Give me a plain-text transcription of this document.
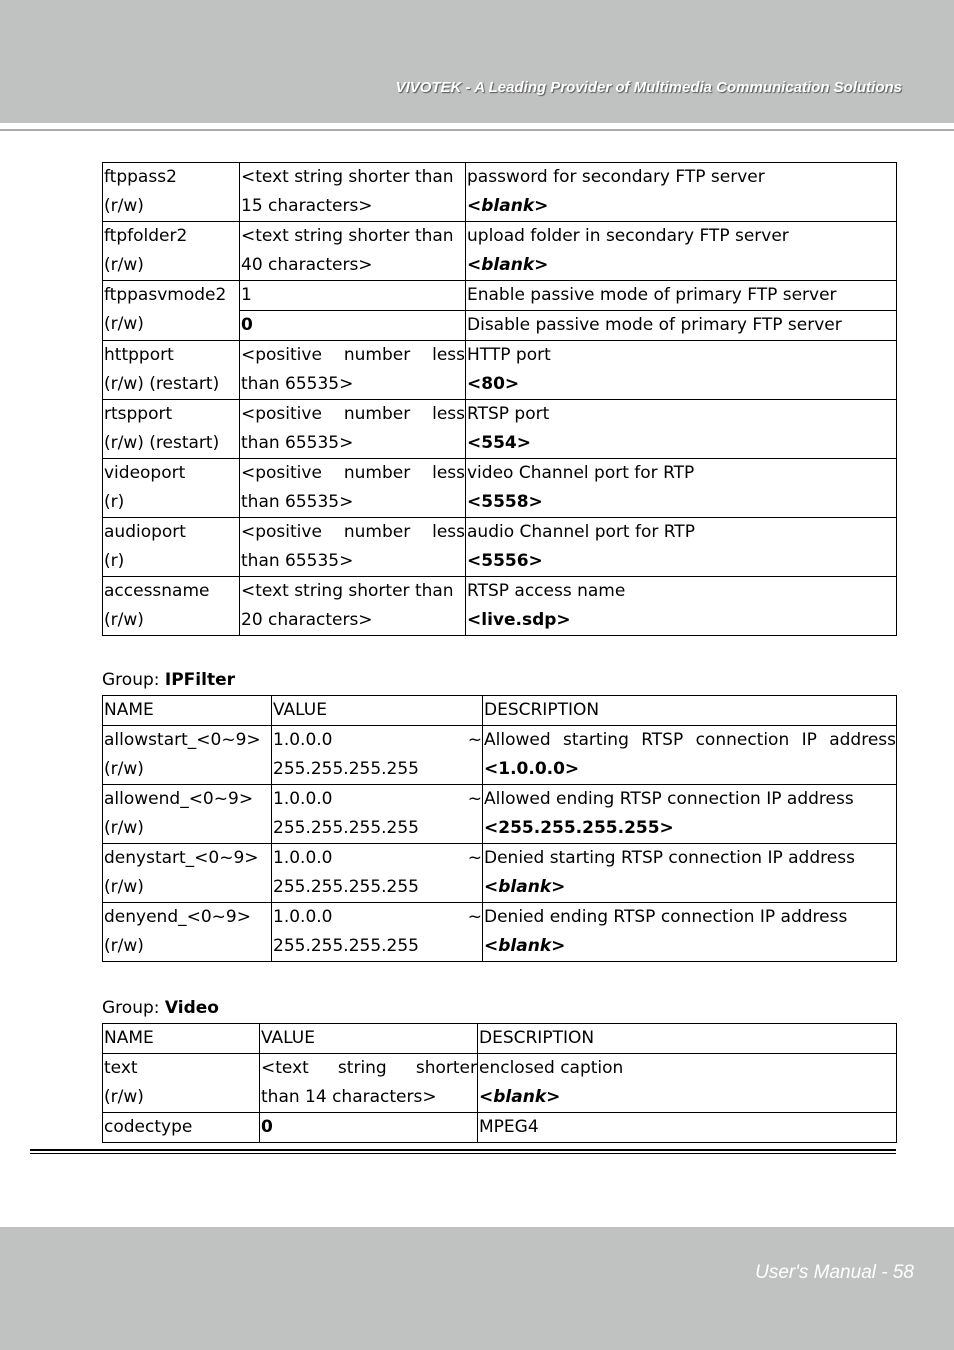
VIVOTEK - A Leading Provider of Multimedia Communication Solutions
ftppass2
(r/w)	<text string shorter than
15 characters>	password for secondary FTP server
<blank>

ftpfolder2
(r/w)	<text string shorter than
40 characters>	upload folder in secondary FTP server
<blank>

ftppasvmode2
(r/w)	1	Enable passive mode of primary FTP server

	0	Disable passive mode of primary FTP server

httpport
(r/w) (restart)	<positive number less
than 65535>	HTTP port
<80>

rtspport
(r/w) (restart)	<positive number less
than 65535>	RTSP port
<554>

videoport
(r)	<positive number less
than 65535>	video Channel port for RTP
<5558>

audioport
(r)	<positive number less
than 65535>	audio Channel port for RTP
<5556>

accessname
(r/w)	<text string shorter than
20 characters>	RTSP access name
<live.sdp>
Group: IPFilter
NAME	VALUE	DESCRIPTION

allowstart_<0~9>
(r/w)	1.0.0.0 ~
255.255.255.255	Allowed starting RTSP connection IP address
<1.0.0.0>

allowend_<0~9>
(r/w)	1.0.0.0 ~
255.255.255.255	Allowed ending RTSP connection IP address
<255.255.255.255>

denystart_<0~9>
(r/w)	1.0.0.0 ~
255.255.255.255	Denied starting RTSP connection IP address
<blank>

denyend_<0~9>
(r/w)	1.0.0.0 ~
255.255.255.255	Denied ending RTSP connection IP address
<blank>
Group: Video
NAME	VALUE	DESCRIPTION

text
(r/w)	<text string shorter
than 14 characters>	enclosed caption
<blank>

codectype	0	MPEG4
User's Manual - 58
